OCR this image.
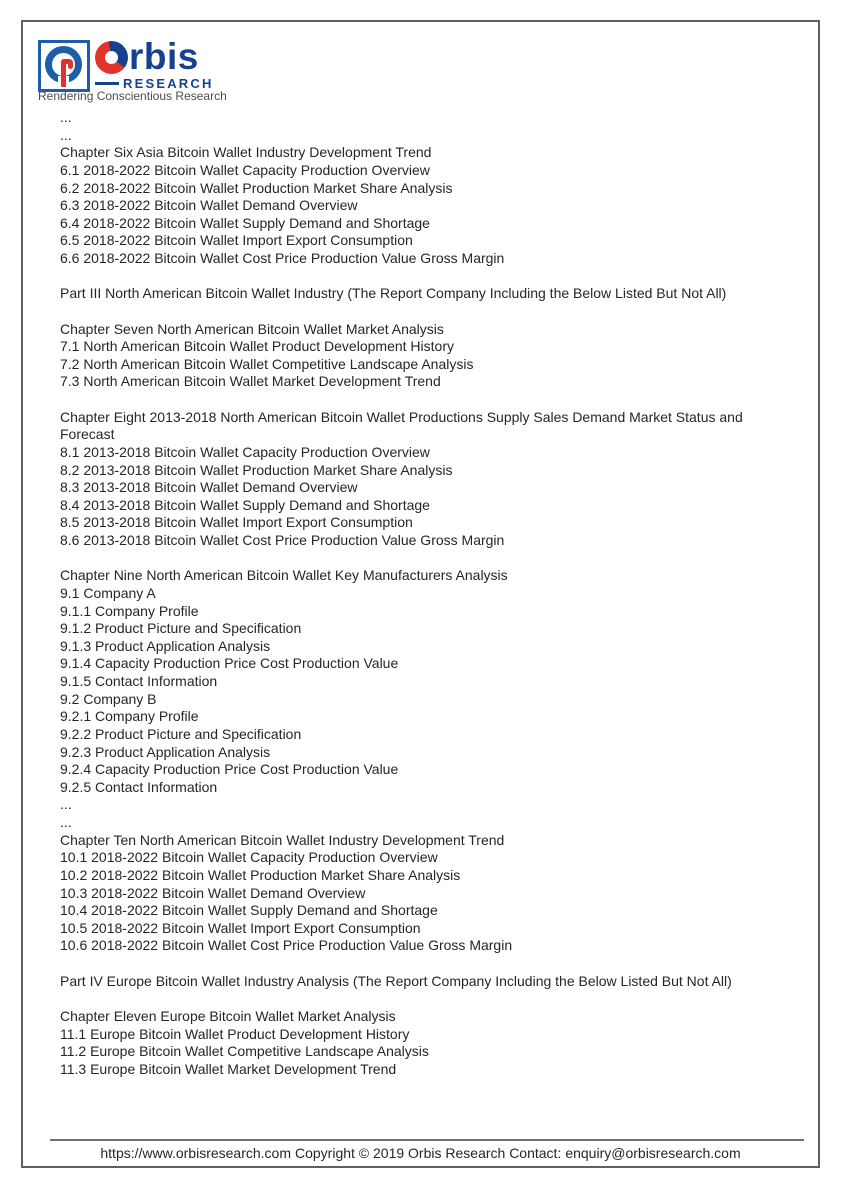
rbis
RESEARCH
Rendering Conscientious Research
...
...
Chapter Six Asia Bitcoin Wallet Industry Development Trend
6.1 2018-2022 Bitcoin Wallet Capacity Production Overview
6.2 2018-2022 Bitcoin Wallet Production Market Share Analysis
6.3 2018-2022 Bitcoin Wallet Demand Overview
6.4 2018-2022 Bitcoin Wallet Supply Demand and Shortage
6.5 2018-2022 Bitcoin Wallet Import Export Consumption
6.6 2018-2022 Bitcoin Wallet Cost Price Production Value Gross Margin

Part III North American Bitcoin Wallet Industry (The Report Company Including the Below Listed But Not All)

Chapter Seven North American Bitcoin Wallet Market Analysis
7.1 North American Bitcoin Wallet Product Development History
7.2 North American Bitcoin Wallet Competitive Landscape Analysis
7.3 North American Bitcoin Wallet Market Development Trend

Chapter Eight 2013-2018 North American Bitcoin Wallet Productions Supply Sales Demand Market Status and Forecast
8.1 2013-2018 Bitcoin Wallet Capacity Production Overview
8.2 2013-2018 Bitcoin Wallet Production Market Share Analysis
8.3 2013-2018 Bitcoin Wallet Demand Overview
8.4 2013-2018 Bitcoin Wallet Supply Demand and Shortage
8.5 2013-2018 Bitcoin Wallet Import Export Consumption
8.6 2013-2018 Bitcoin Wallet Cost Price Production Value Gross Margin

Chapter Nine North American Bitcoin Wallet Key Manufacturers Analysis
9.1 Company A
9.1.1 Company Profile
9.1.2 Product Picture and Specification
9.1.3 Product Application Analysis
9.1.4 Capacity Production Price Cost Production Value
9.1.5 Contact Information
9.2 Company B
9.2.1 Company Profile
9.2.2 Product Picture and Specification
9.2.3 Product Application Analysis
9.2.4 Capacity Production Price Cost Production Value
9.2.5 Contact Information
...
...
Chapter Ten North American Bitcoin Wallet Industry Development Trend
10.1 2018-2022 Bitcoin Wallet Capacity Production Overview
10.2 2018-2022 Bitcoin Wallet Production Market Share Analysis
10.3 2018-2022 Bitcoin Wallet Demand Overview
10.4 2018-2022 Bitcoin Wallet Supply Demand and Shortage
10.5 2018-2022 Bitcoin Wallet Import Export Consumption
10.6 2018-2022 Bitcoin Wallet Cost Price Production Value Gross Margin

Part IV Europe Bitcoin Wallet Industry Analysis (The Report Company Including the Below Listed But Not All)

Chapter Eleven Europe Bitcoin Wallet Market Analysis
11.1 Europe Bitcoin Wallet Product Development History
11.2 Europe Bitcoin Wallet Competitive Landscape Analysis
11.3 Europe Bitcoin Wallet Market Development Trend
https://www.orbisresearch.com Copyright © 2019 Orbis Research Contact: enquiry@orbisresearch.com
